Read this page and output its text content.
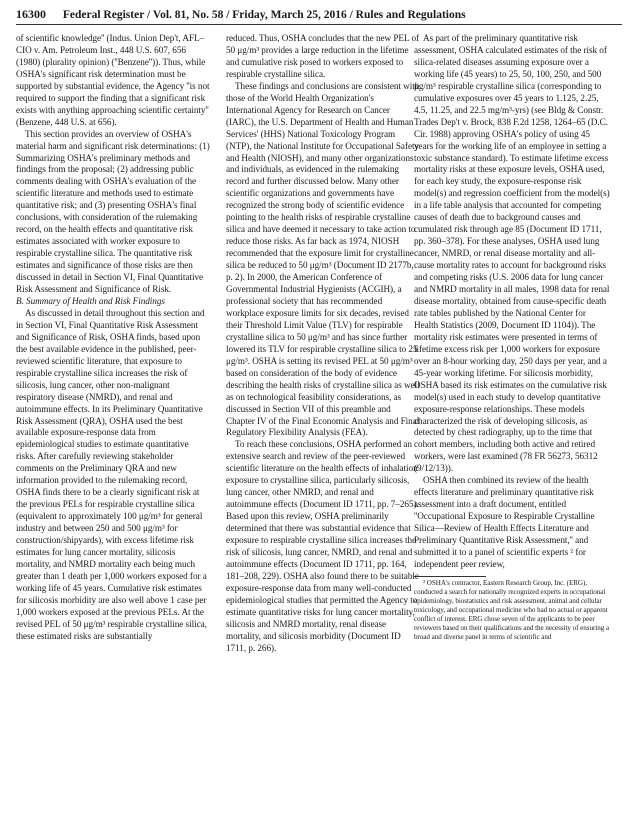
16300 Federal Register / Vol. 81, No. 58 / Friday, March 25, 2016 / Rules and Regulations

of scientific knowledge'' (Indus. Union Dep't, AFL–CIO v. Am. Petroleum Inst., 448 U.S. 607, 656 (1980) (plurality opinion) (''Benzene'')). Thus, while OSHA's significant risk determination must be supported by substantial evidence, the Agency ''is not required to support the finding that a significant risk exists with anything approaching scientific certainty'' (Benzene, 448 U.S. at 656).

This section provides an overview of OSHA's material harm and significant risk determinations: (1) Summarizing OSHA's preliminary methods and findings from the proposal; (2) addressing public comments dealing with OSHA's evaluation of the scientific literature and methods used to estimate quantitative risk; and (3) presenting OSHA's final conclusions, with consideration of the rulemaking record, on the health effects and quantitative risk estimates associated with worker exposure to respirable crystalline silica. The quantitative risk estimates and significance of those risks are then discussed in detail in Section VI, Final Quantitative Risk Assessment and Significance of Risk.

B. Summary of Health and Risk Findings

As discussed in detail throughout this section and in Section VI, Final Quantitative Risk Assessment and Significance of Risk, OSHA finds, based upon the best available evidence in the published, peer-reviewed scientific literature, that exposure to respirable crystalline silica increases the risk of silicosis, lung cancer, other non-malignant respiratory disease (NMRD), and renal and autoimmune effects. In its Preliminary Quantitative Risk Assessment (QRA), OSHA used the best available exposure-response data from epidemiological studies to estimate quantitative risks. After carefully reviewing stakeholder comments on the Preliminary QRA and new information provided to the rulemaking record, OSHA finds there to be a clearly significant risk at the previous PELs for respirable crystalline silica (equivalent to approximately 100 μg/m³ for general industry and between 250 and 500 μg/m³ for construction/shipyards), with excess lifetime risk estimates for lung cancer mortality, silicosis mortality, and NMRD mortality each being much greater than 1 death per 1,000 workers exposed for a working life of 45 years. Cumulative risk estimates for silicosis morbidity are also well above 1 case per 1,000 workers exposed at the previous PELs. At the revised PEL of 50 μg/m³ respirable crystalline silica, these estimated risks are substantially

reduced. Thus, OSHA concludes that the new PEL of 50 μg/m³ provides a large reduction in the lifetime and cumulative risk posed to workers exposed to respirable crystalline silica.

These findings and conclusions are consistent with those of the World Health Organization's International Agency for Research on Cancer (IARC), the U.S. Department of Health and Human Services' (HHS) National Toxicology Program (NTP), the National Institute for Occupational Safety and Health (NIOSH), and many other organizations and individuals, as evidenced in the rulemaking record and further discussed below. Many other scientific organizations and governments have recognized the strong body of scientific evidence pointing to the health risks of respirable crystalline silica and have deemed it necessary to take action to reduce those risks. As far back as 1974, NIOSH recommended that the exposure limit for crystalline silica be reduced to 50 μg/m³ (Document ID 2177b, p. 2). In 2000, the American Conference of Governmental Industrial Hygienists (ACGIH), a professional society that has recommended workplace exposure limits for six decades, revised their Threshold Limit Value (TLV) for respirable crystalline silica to 50 μg/m³ and has since further lowered its TLV for respirable crystalline silica to 25 μg/m³. OSHA is setting its revised PEL at 50 μg/m³ based on consideration of the body of evidence describing the health risks of crystalline silica as well as on technological feasibility considerations, as discussed in Section VII of this preamble and Chapter IV of the Final Economic Analysis and Final Regulatory Flexibility Analysis (FEA).

To reach these conclusions, OSHA performed an extensive search and review of the peer-reviewed scientific literature on the health effects of inhalation exposure to crystalline silica, particularly silicosis, lung cancer, other NMRD, and renal and autoimmune effects (Document ID 1711, pp. 7–265). Based upon this review, OSHA preliminarily determined that there was substantial evidence that exposure to respirable crystalline silica increases the risk of silicosis, lung cancer, NMRD, and renal and autoimmune effects (Document ID 1711, pp. 164, 181–208, 229). OSHA also found there to be suitable exposure-response data from many well-conducted epidemiological studies that permitted the Agency to estimate quantitative risks for lung cancer mortality, silicosis and NMRD mortality, renal disease mortality, and silicosis morbidity (Document ID 1711, p. 266).

As part of the preliminary quantitative risk assessment, OSHA calculated estimates of the risk of silica-related diseases assuming exposure over a working life (45 years) to 25, 50, 100, 250, and 500 μg/m³ respirable crystalline silica (corresponding to cumulative exposures over 45 years to 1.125, 2.25, 4.5, 11.25, and 22.5 mg/m³-yrs) (see Bldg & Constr. Trades Dep't v. Brock, 838 F.2d 1258, 1264–65 (D.C. Cir. 1988) approving OSHA's policy of using 45 years for the working life of an employee in setting a toxic substance standard). To estimate lifetime excess mortality risks at these exposure levels, OSHA used, for each key study, the exposure-response risk model(s) and regression coefficient from the model(s) in a life table analysis that accounted for competing causes of death due to background causes and cumulated risk through age 85 (Document ID 1711, pp. 360–378). For these analyses, OSHA used lung cancer, NMRD, or renal disease mortality and all-cause mortality rates to account for background risks and competing risks (U.S. 2006 data for lung cancer and NMRD mortality in all males, 1998 data for renal disease mortality, obtained from cause-specific death rate tables published by the National Center for Health Statistics (2009, Document ID 1104)). The mortality risk estimates were presented in terms of lifetime excess risk per 1,000 workers for exposure over an 8-hour working day, 250 days per year, and a 45-year working lifetime. For silicosis morbidity, OSHA based its risk estimates on the cumulative risk model(s) used in each study to develop quantitative exposure-response relationships. These models characterized the risk of developing silicosis, as detected by chest radiography, up to the time that cohort members, including both active and retired workers, were last examined (78 FR 56273, 56312 (9/12/13)).

OSHA then combined its review of the health effects literature and preliminary quantitative risk assessment into a draft document, entitled ''Occupational Exposure to Respirable Crystalline Silica—Review of Health Effects Literature and Preliminary Quantitative Risk Assessment,'' and submitted it to a panel of scientific experts ² for independent peer review,

² OSHA's contractor, Eastern Research Group, Inc. (ERG), conducted a search for nationally recognized experts in occupational epidemiology, biostatistics and risk assessment, animal and cellular toxicology, and occupational medicine who had no actual or apparent conflict of interest. ERG chose seven of the applicants to be peer reviewers based on their qualifications and the necessity of ensuring a broad and diverse panel in terms of scientific and
